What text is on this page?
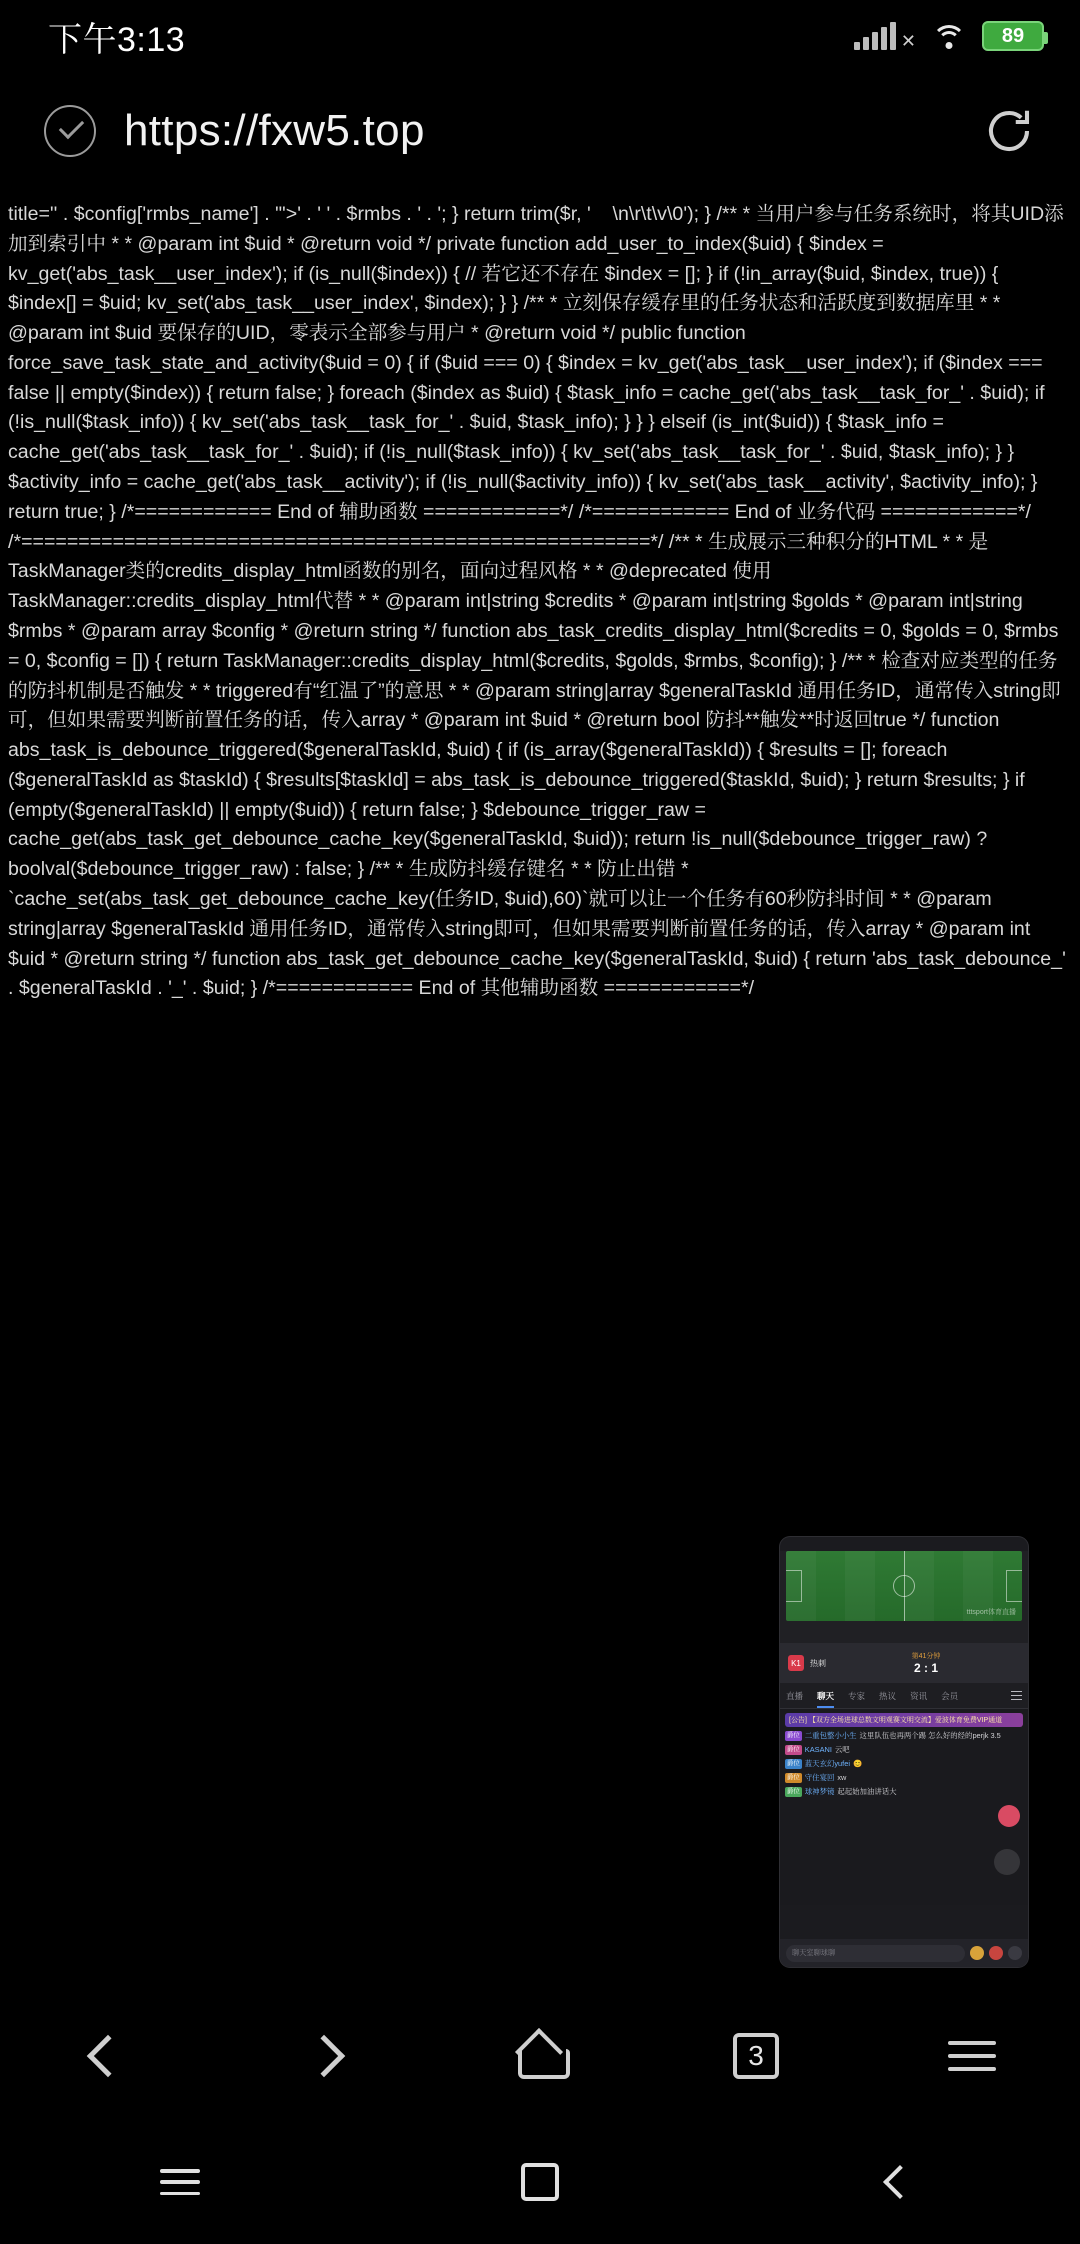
下午3:13	✕	89
https://fxw5.top
title='' . $config['rmbs_name'] . "'>' . ' ' . $rmbs . ' . '; } return trim($r, '    \n\r\t\v\0'); } /** * 当用户参与任务系统时，将其UID添加到索引中 * * @param int $uid * @return void */ private function add_user_to_index($uid) { $index = kv_get('abs_task__user_index'); if (is_null($index)) { // 若它还不存在 $index = []; } if (!in_array($uid, $index, true)) { $index[] = $uid; kv_set('abs_task__user_index', $index); } } /** * 立刻保存缓存里的任务状态和活跃度到数据库里 * * @param int $uid 要保存的UID，零表示全部参与用户 * @return void */ public function force_save_task_state_and_activity($uid = 0) { if ($uid === 0) { $index = kv_get('abs_task__user_index'); if ($index === false || empty($index)) { return false; } foreach ($index as $uid) { $task_info = cache_get('abs_task__task_for_' . $uid); if (!is_null($task_info)) { kv_set('abs_task__task_for_' . $uid, $task_info); } } } elseif (is_int($uid)) { $task_info = cache_get('abs_task__task_for_' . $uid); if (!is_null($task_info)) { kv_set('abs_task__task_for_' . $uid, $task_info); } } $activity_info = cache_get('abs_task__activity'); if (!is_null($activity_info)) { kv_set('abs_task__activity', $activity_info); } return true; } /*============ End of 辅助函数 ============*/ /*============ End of 业务代码 ============*/ /*=======================================================*/ /** * 生成展示三种积分的HTML * * 是TaskManager类的credits_display_html函数的别名，面向过程风格 * * @deprecated 使用TaskManager::credits_display_html代替 * * @param int|string $credits * @param int|string $golds * @param int|string $rmbs * @param array $config * @return string */ function abs_task_credits_display_html($credits = 0, $golds = 0, $rmbs = 0, $config = []) { return TaskManager::credits_display_html($credits, $golds, $rmbs, $config); } /** * 检查对应类型的任务的防抖机制是否触发 * * triggered有“红温了”的意思 * * @param string|array $generalTaskId 通用任务ID，通常传入string即可，但如果需要判断前置任务的话，传入array * @param int $uid * @return bool 防抖**触发**时返回true */ function abs_task_is_debounce_triggered($generalTaskId, $uid) { if (is_array($generalTaskId)) { $results = []; foreach ($generalTaskId as $taskId) { $results[$taskId] = abs_task_is_debounce_triggered($taskId, $uid); } return $results; } if (empty($generalTaskId) || empty($uid)) { return false; } $debounce_trigger_raw = cache_get(abs_task_get_debounce_cache_key($generalTaskId, $uid)); return !is_null($debounce_trigger_raw) ? boolval($debounce_trigger_raw) : false; } /** * 生成防抖缓存键名 * * 防止出错 * `cache_set(abs_task_get_debounce_cache_key(任务ID, $uid),60)`就可以让一个任务有60秒防抖时间 * * @param string|array $generalTaskId 通用任务ID，通常传入string即可，但如果需要判断前置任务的话，传入array * @param int $uid * @return string */ function abs_task_get_debounce_cache_key($generalTaskId, $uid) { return 'abs_task_debounce_' . $generalTaskId . '_' . $uid; } /*============ End of 其他辅助函数 ============*/
tttsport体育直播
K1	热刺
第41分钟
2 : 1
直播 聊天 专家 热议 资讯 会员
[公告] 【双方全场进球总数文明观赛文明交流】爱波体育免费VIP通道
爵位 二重包整小小生 这里队伍也再两个踢 怎么好的经的perjk 3.5
爵位 KASANI 云吧
爵位 蓝天玄幻yufei 😊
爵位 守住宴回 xw
爵位 球神梦镜 起起始加油讲话大
聊天室聊球聊
3
